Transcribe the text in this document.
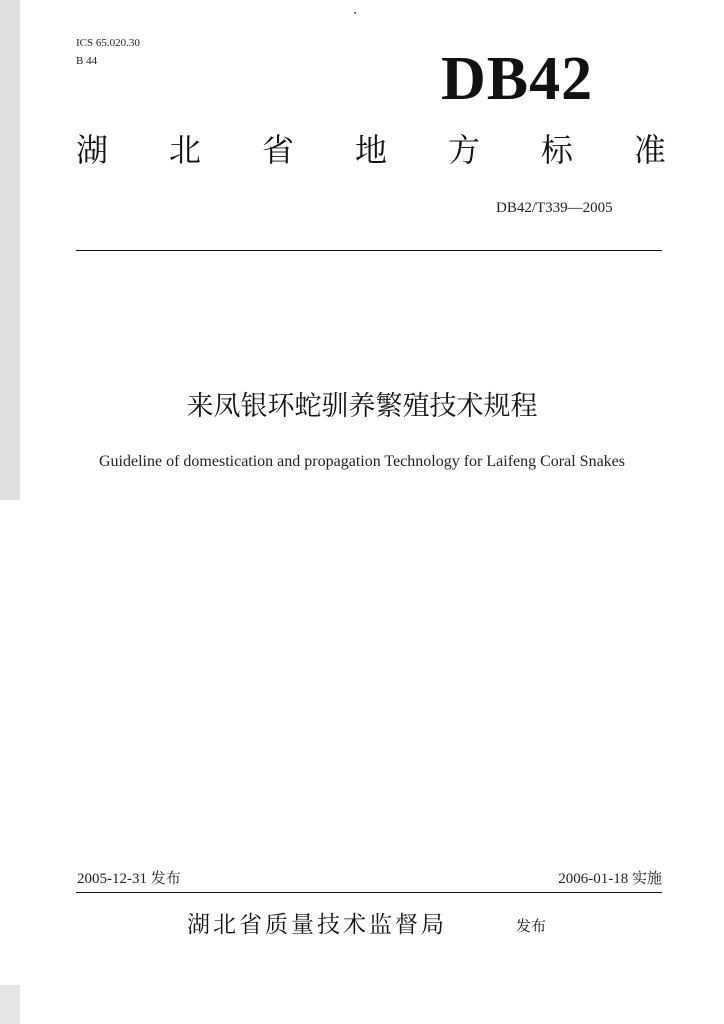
ICS 65.020.30
B 44	DB42
湖 北 省 地 方 标 准
DB42/T339—2005
来凤银环蛇驯养繁殖技术规程
Guideline of domestication and propagation Technology for Laifeng Coral Snakes
2005-12-31 发布	2006-01-18 实施
湖北省质量技术监督局	发布
